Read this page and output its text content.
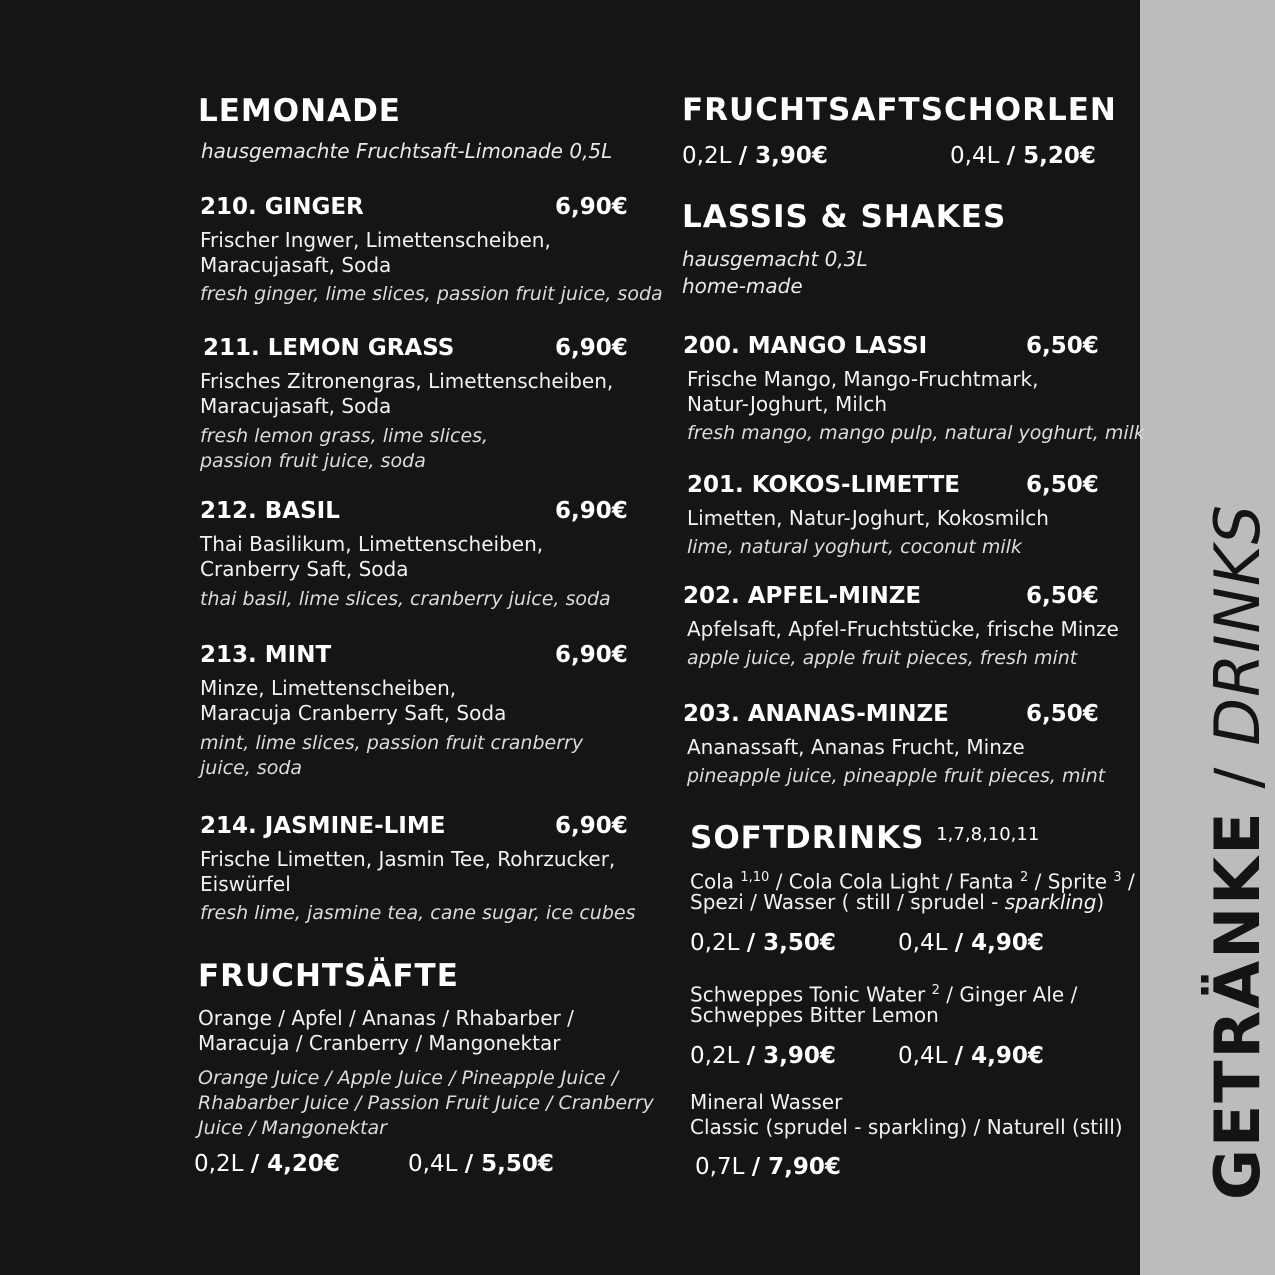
GETRÄNKE/DRINKS
LEMONADE
hausgemachte Fruchtsaft-Limonade 0,5L
210. GINGER	6,90€
Frischer Ingwer, Limettenscheiben,
Maracujasaft, Soda
fresh ginger, lime slices, passion fruit juice, soda
211. LEMON GRASS	6,90€
Frisches Zitronengras, Limettenscheiben,
Maracujasaft, Soda
fresh lemon grass, lime slices,
passion fruit juice, soda
212. BASIL	6,90€
Thai Basilikum, Limettenscheiben,
Cranberry Saft, Soda
thai basil, lime slices, cranberry juice, soda
213. MINT	6,90€
Minze, Limettenscheiben,
Maracuja Cranberry Saft, Soda
mint, lime slices, passion fruit cranberry
juice, soda
214. JASMINE-LIME	6,90€
Frische Limetten, Jasmin Tee, Rohrzucker,
Eiswürfel
fresh lime, jasmine tea, cane sugar, ice cubes
FRUCHTSÄFTE
Orange / Apfel / Ananas / Rhabarber /
Maracuja / Cranberry / Mangonektar
Orange Juice / Apple Juice / Pineapple Juice /
Rhabarber Juice / Passion Fruit Juice / Cranberry
Juice / Mangonektar
0,2L / 4,20€	0,4L / 5,50€
FRUCHTSAFTSCHORLEN
0,2L / 3,90€	0,4L / 5,20€
LASSIS & SHAKES
hausgemacht 0,3L
home-made
200. MANGO LASSI	6,50€
Frische Mango, Mango-Fruchtmark,
Natur-Joghurt, Milch
fresh mango, mango pulp, natural yoghurt, milk
201. KOKOS-LIMETTE	6,50€
Limetten, Natur-Joghurt, Kokosmilch
lime, natural yoghurt, coconut milk
202. APFEL-MINZE	6,50€
Apfelsaft, Apfel-Fruchtstücke, frische Minze
apple juice, apple fruit pieces, fresh mint
203. ANANAS-MINZE	6,50€
Ananassaft, Ananas Frucht, Minze
pineapple juice, pineapple fruit pieces, mint
SOFTDRINKS $^{1,7,8,10,11}$
Cola $^{1,10}$ / Cola Cola Light / Fanta $^2$ / Sprite $^3$ /
Spezi / Wasser ( still / sprudel - sparkling)
0,2L / 3,50€	0,4L / 4,90€
Schweppes Tonic Water $^2$ / Ginger Ale /
Schweppes Bitter Lemon
0,2L / 3,90€	0,4L / 4,90€
Mineral Wasser
Classic (sprudel - sparkling) / Naturell (still)
0,7L / 7,90€
